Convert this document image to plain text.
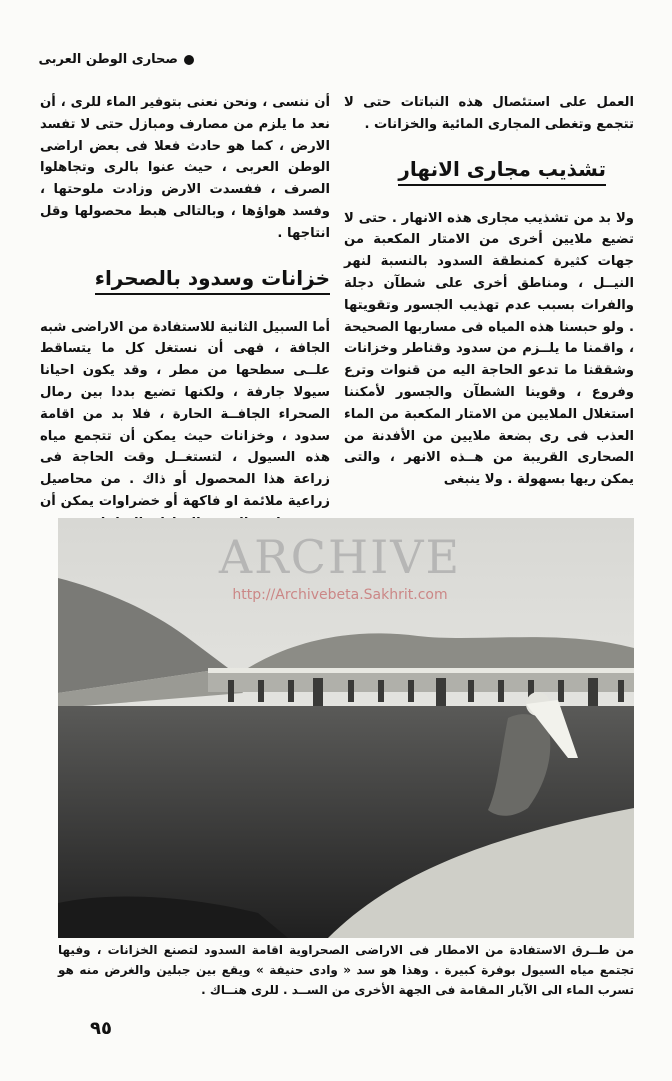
صحارى الوطن العربى

العمل على استئصال هذه النباتات حتى لا تتجمع وتغطى المجارى المائية والخزانات .

تشذيب مجارى الانهار

ولا بد من تشذيب مجارى هذه الانهار . حتى لا تضيع ملايين أخرى من الامتار المكعبة من جهات كثيرة كمنطقة السدود بالنسبة لنهر النيــل ، ومناطق أخرى على شطآن دجلة والفرات بسبب عدم تهذيب الجسور وتقويتها . ولو حبسنا هذه المياه فى مساربها الصحيحة ، واقمنا ما يلــزم من سدود وقناطر وخزانات وشققنا ما تدعو الحاجة اليه من قنوات وترع وفروع ، وقوينا الشطآن والجسور لأمكننا استغلال الملايين من الامتار المكعبة من الماء العذب فى رى بضعة ملايين من الأفدنة من الصحارى القريبة من هــذه الانهر ، والتى يمكن ريها بسهولة . ولا ينبغى

أن ننسى ، ونحن نعنى بتوفير الماء للرى ، أن نعد ما يلزم من مصارف ومبازل حتى لا تفسد الارض ، كما هو حادث فعلا فى بعض اراضى الوطن العربى ، حيث عنوا بالرى وتجاهلوا الصرف ، ففسدت الارض وزادت ملوحتها ، وفسد هواؤها ، وبالتالى هبط محصولها وقل انتاجها .

خزانات وسدود بالصحراء

أما السبيل الثانية للاستفادة من الاراضى شبه الجافة ، فهى أن نستغل كل ما يتساقط علــى سطحها من مطر ، وقد يكون احيانا سيولا جارفة ، ولكنها تضيع بددا بين رمال الصحراء الجافــة الحارة ، فلا بد من اقامة سدود ، وخزانات حيث يمكن أن تتجمع مياه هذه السيول ، لتستغــل وقت الحاجة فى زراعة هذا المحصول أو ذاك . من محاصيل زراعية ملائمة او فاكهة أو خضراوات يمكن أن

ARCHIVE
http://Archivebeta.Sakhrit.com
من طــرق الاستفادة من الامطار فى الاراضى الصحراوية اقامة السدود لتصنع الخزانات ، وفيها تجتمع مياه السيول بوفرة كبيرة . وهذا هو سد « وادى حنيفة » ويقع بين جبلين والغرض منه هو تسرب الماء الى الآبار المقامة فى الجهة الأخرى من الســد . للرى هنــاك .
٩٥
